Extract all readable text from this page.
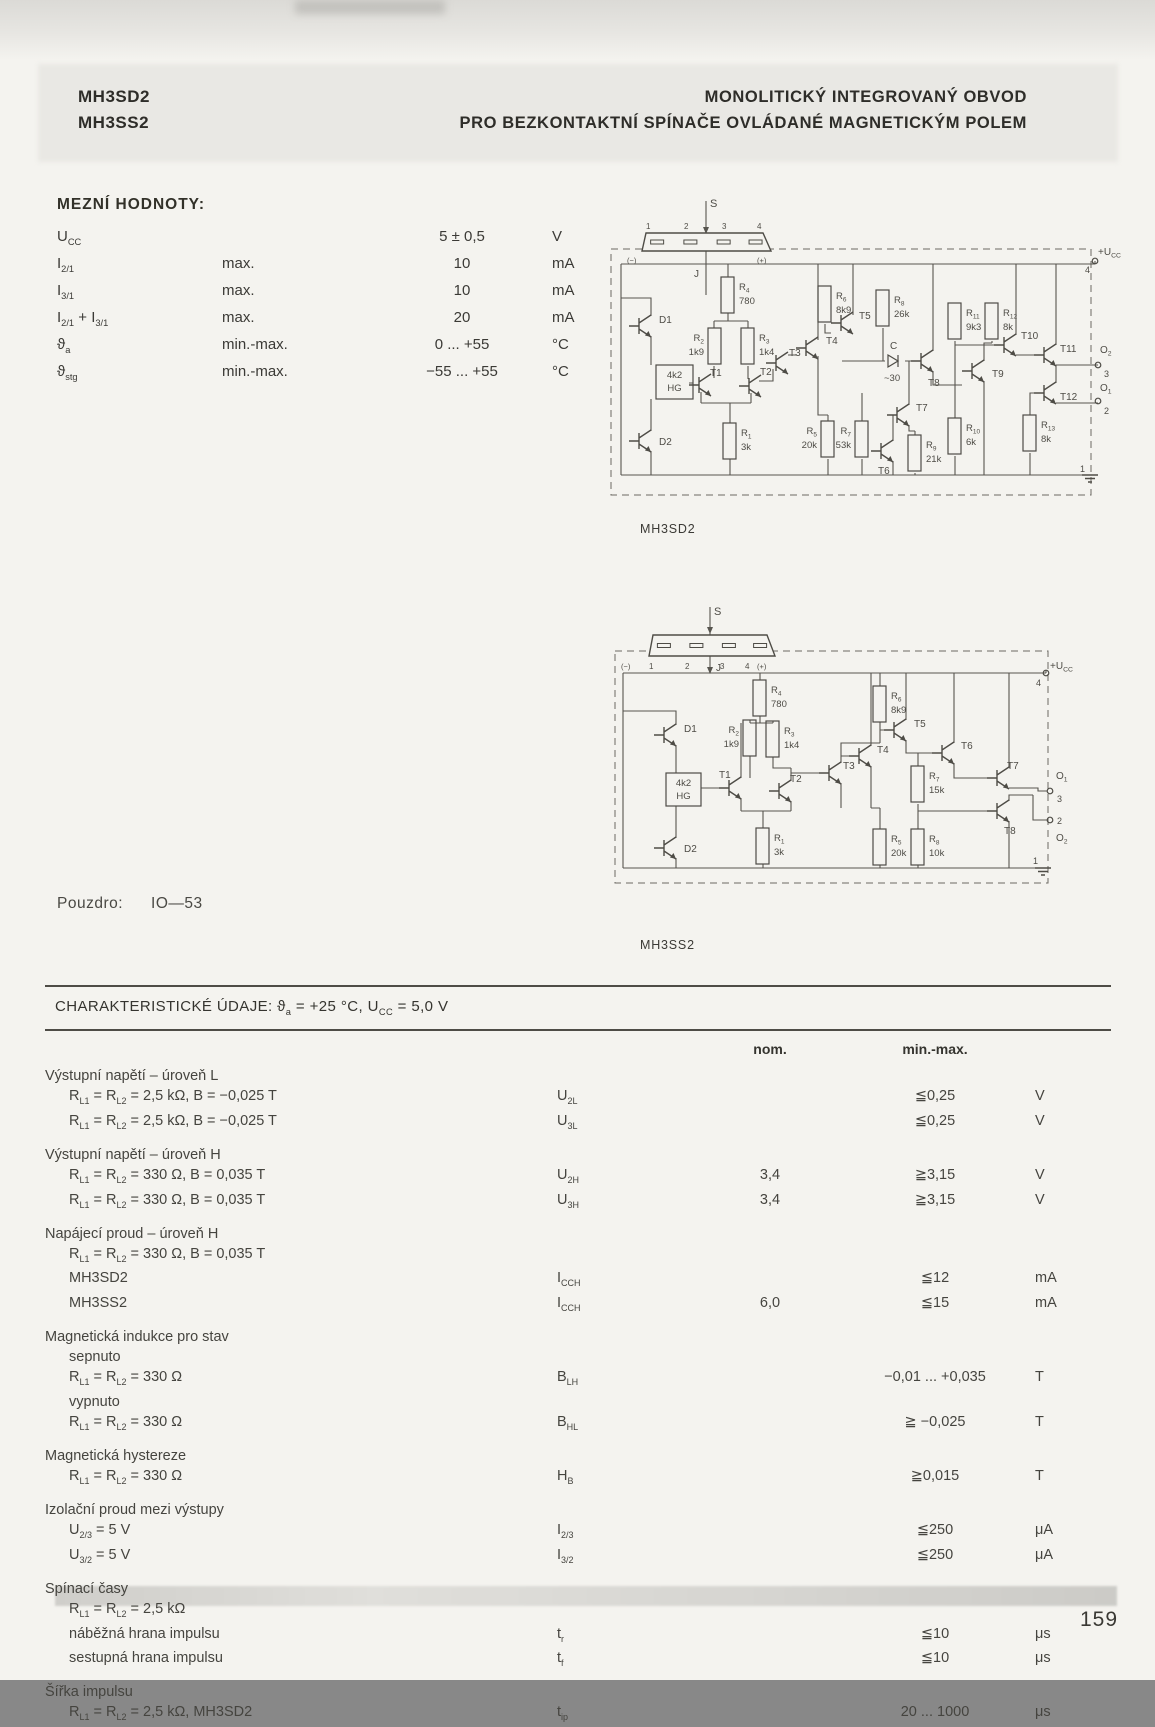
MH3SD2
MH3SS2
MONOLITICKÝ INTEGROVANÝ OBVOD
PRO BEZKONTAKTNÍ SPÍNAČE OVLÁDANÉ MAGNETICKÝM POLEM
MEZNÍ HODNOTY:
$U_{CC}$	5 ± 0,5	V
$I_{2/1}$	max.	10	mA
$I_{3/1}$	max.	10	mA
$I_{2/1} + I_{3/1}$	max.	20	mA
$ϑ_a$	min.-max.	0 ... +55	°C
$ϑ_{stg}$	min.-max.	−55 ... +55	°C
S
1	2	3	4
(−)	(+)
J	4
$+U_{CC}$
$R_4$
780
$R_2$
1k9
$R_3$
1k4
$R_6$
8k9
$R_8$
26k	$R_{11}$
9k3
$R_{12}$
8k
$R_1$
3k
$R_5$
20k
$R_7$
53k	$R_9$
21k
$R_{10}$
6k
$R_{13}$
8k
D1
D2
T1	T2
T3
T4
T5
T6
T7
T8
T9
T10
T11
T12
4k2
HG
C
~30
$O_2$
3
$O_1$
2
1
MH3SD2
S
(−) 1	2	3	4 (+)
J
4
$+U_{CC}$
$R_4$
780
$R_2$
1k9
$R_3$
1k4
$R_6$
8k9
$R_7$
15k
$R_1$
3k
$R_5$
20k
$R_8$
10k
D1
D2
T1	T2
T3
T4
T5
T6
T7
T8
4k2
HG
$O_1$
3
2
$O_2$
1
MH3SS2
Pouzdro: IO—53
CHARAKTERISTICKÉ ÚDAJE: $ϑ_a = +25$ °C, $U_{CC} = 5,0$ V
nom.	min.-max.
Výstupní napětí – úroveň L
$R_{L1} = R_{L2} = 2,5$ kΩ, B = −0,025 T	$U_{2L}$	≦0,25	V
$R_{L1} = R_{L2} = 2,5$ kΩ, B = −0,025 T	$U_{3L}$	≦0,25	V
Výstupní napětí – úroveň H
$R_{L1} = R_{L2} = 330$ Ω, B = 0,035 T	$U_{2H}$	3,4	≧3,15	V
$R_{L1} = R_{L2} = 330$ Ω, B = 0,035 T	$U_{3H}$	3,4	≧3,15	V
Napájecí proud – úroveň H
$R_{L1} = R_{L2} = 330$ Ω, B = 0,035 T
MH3SD2	$I_{CCH}$	≦12	mA
MH3SS2	$I_{CCH}$	6,0	≦15	mA
Magnetická indukce pro stav
sepnuto
$R_{L1} = R_{L2} = 330$ Ω	$B_{LH}$	−0,01 ... +0,035	T
vypnuto
$R_{L1} = R_{L2} = 330$ Ω	$B_{HL}$	≧ −0,025	T
Magnetická hystereze
$R_{L1} = R_{L2} = 330$ Ω	$H_B$	≧0,015	T
Izolační proud mezi výstupy
$U_{2/3} = 5$ V	$I_{2/3}$	≦250	μA
$U_{3/2} = 5$ V	$I_{3/2}$	≦250	μA
Spínací časy
$R_{L1} = R_{L2} = 2,5$ kΩ
náběžná hrana impulsu	$t_r$	≦10	μs
sestupná hrana impulsu	$t_f$	≦10	μs
Šířka impulsu
$R_{L1} = R_{L2} = 2,5$ kΩ, MH3SD2	$t_{ip}$	20 ... 1000	μs
159
